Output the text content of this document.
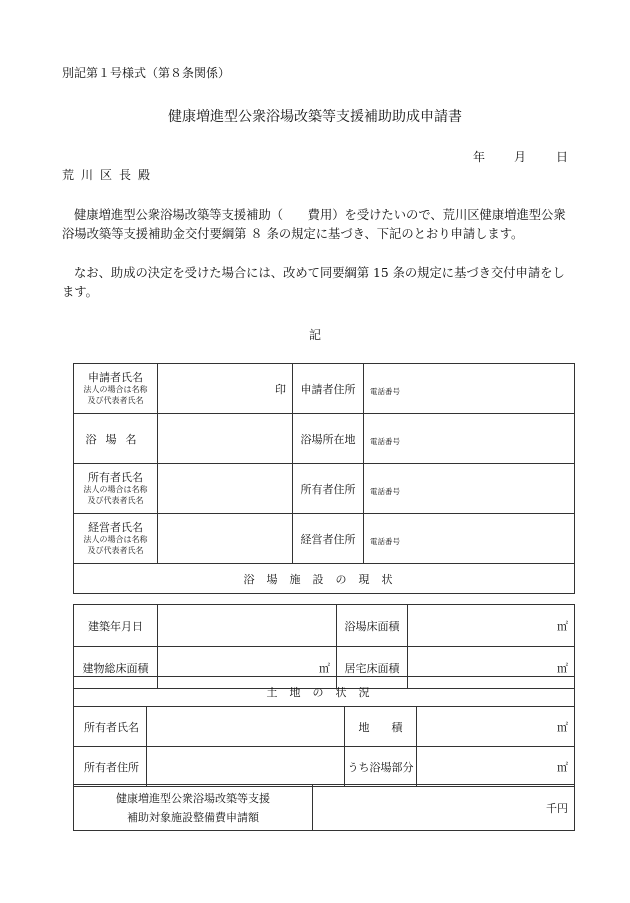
別記第１号様式（第８条関係）
健康増進型公衆浴場改築等支援補助助成申請書
年 月 日
荒川区長殿
健康増進型公衆浴場改築等支援補助（　　費用）を受けたいので、荒川区健康増進型公衆浴場改築等支援補助金交付要綱第 ８ 条の規定に基づき、下記のとおり申請します。
なお、助成の決定を受けた場合には、改めて同要綱第 15 条の規定に基づき交付申請をします。
記
申請者氏名
法人の場合は名称
及び代表者氏名	印	申請者住所	電話番号

浴場名		浴場所在地	電話番号

所有者氏名
法人の場合は名称
及び代表者氏名		所有者住所	電話番号

経営者氏名
法人の場合は名称
及び代表者氏名		経営者住所	電話番号

浴場施設の現状			
建築年月日		浴場床面積	㎡
建物総床面積	㎡	居宅床面積	㎡
土地の状況			
所有者氏名		地　　積	㎡
所有者住所		うち浴場部分	㎡
健康増進型公衆浴場改築等支援
補助対象施設整備費申請額
	千円
